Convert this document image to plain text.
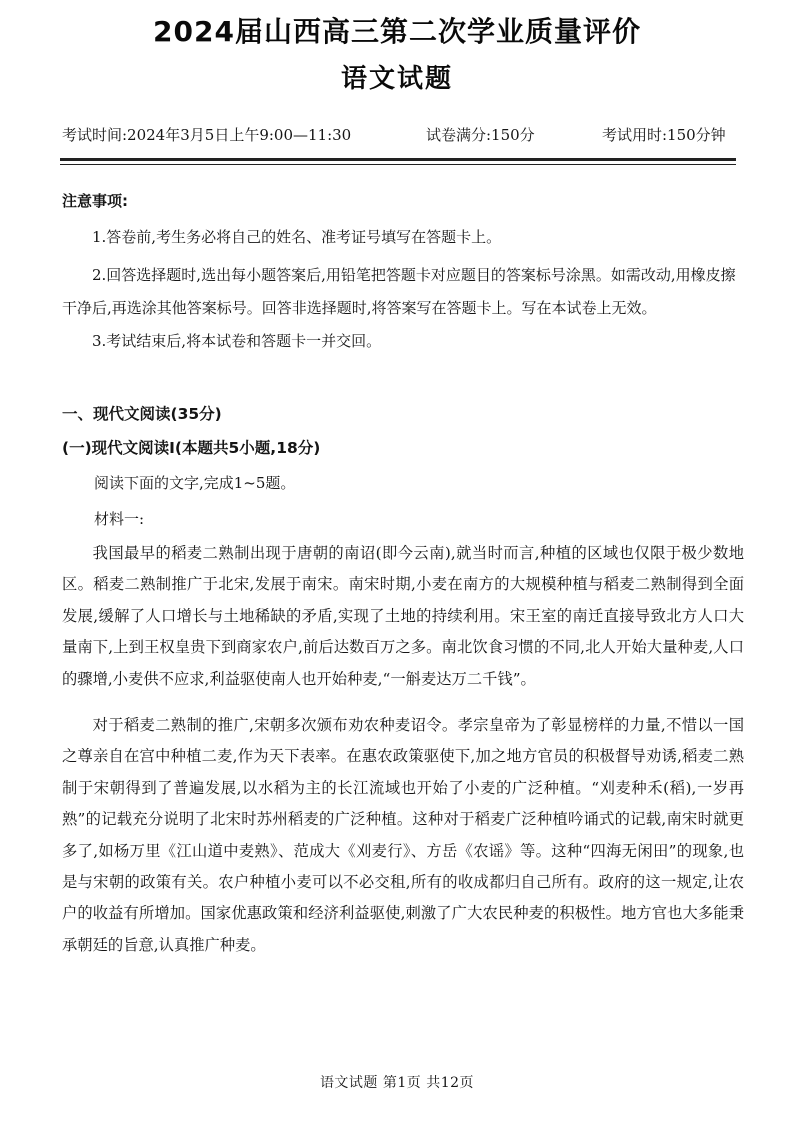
2024届山西高三第二次学业质量评价
语文试题
考试时间:2024年3月5日上午9:00—11:30	试卷满分:150分	考试用时:150分钟
注意事项:
1.答卷前,考生务必将自己的姓名、准考证号填写在答题卡上。
2.回答选择题时,选出每小题答案后,用铅笔把答题卡对应题目的答案标号涂黑。如需改动,用橡皮擦干净后,再选涂其他答案标号。回答非选择题时,将答案写在答题卡上。写在本试卷上无效。
3.考试结束后,将本试卷和答题卡一并交回。
一、现代文阅读(35分)
(一)现代文阅读Ⅰ(本题共5小题,18分)
阅读下面的文字,完成1~5题。
材料一:
我国最早的稻麦二熟制出现于唐朝的南诏(即今云南),就当时而言,种植的区域也仅限于极少数地区。稻麦二熟制推广于北宋,发展于南宋。南宋时期,小麦在南方的大规模种植与稻麦二熟制得到全面发展,缓解了人口增长与土地稀缺的矛盾,实现了土地的持续利用。宋王室的南迁直接导致北方人口大量南下,上到王权皇贵下到商家农户,前后达数百万之多。南北饮食习惯的不同,北人开始大量种麦,人口的骤增,小麦供不应求,利益驱使南人也开始种麦,“一斛麦达万二千钱”。
对于稻麦二熟制的推广,宋朝多次颁布劝农种麦诏令。孝宗皇帝为了彰显榜样的力量,不惜以一国之尊亲自在宫中种植二麦,作为天下表率。在惠农政策驱使下,加之地方官员的积极督导劝诱,稻麦二熟制于宋朝得到了普遍发展,以水稻为主的长江流域也开始了小麦的广泛种植。“刈麦种禾(稻),一岁再熟”的记载充分说明了北宋时苏州稻麦的广泛种植。这种对于稻麦广泛种植吟诵式的记载,南宋时就更多了,如杨万里《江山道中麦熟》、范成大《刈麦行》、方岳《农谣》等。这种“四海无闲田”的现象,也是与宋朝的政策有关。农户种植小麦可以不必交租,所有的收成都归自己所有。政府的这一规定,让农户的收益有所增加。国家优惠政策和经济利益驱使,刺激了广大农民种麦的积极性。地方官也大多能秉承朝廷的旨意,认真推广种麦。
语文试题 第1页 共12页
